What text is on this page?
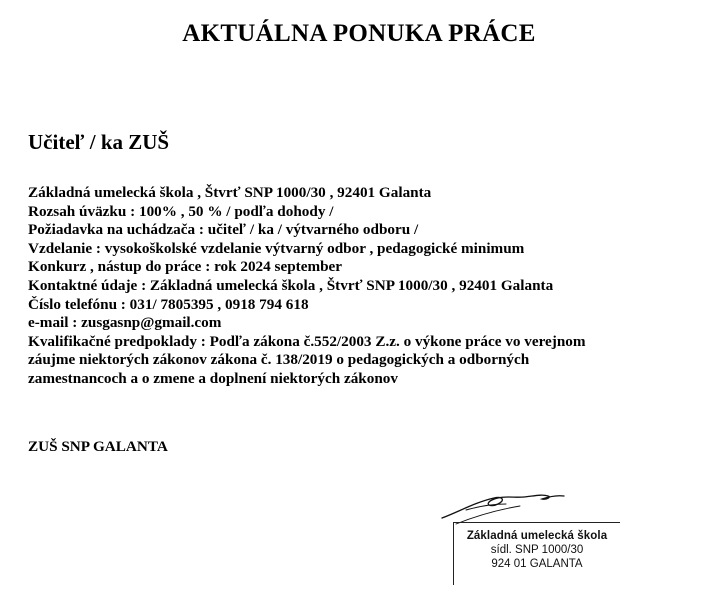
AKTUÁLNA PONUKA PRÁCE
Učiteľ / ka ZUŠ
Základná umelecká škola , Štvrť SNP 1000/30 , 92401 Galanta
Rozsah úväzku : 100% , 50 % / podľa dohody /
Požiadavka na uchádzača : učiteľ / ka / výtvarného odboru /
Vzdelanie : vysokoškolské vzdelanie výtvarný odbor , pedagogické minimum
Konkurz , nástup do práce : rok 2024 september
Kontaktné údaje : Základná umelecká škola , Štvrť SNP 1000/30 , 92401 Galanta
Číslo telefónu : 031/ 7805395 , 0918 794 618
e-mail : zusgasnp@gmail.com
Kvalifikačné predpoklady : Podľa zákona č.552/2003 Z.z. o výkone práce vo verejnom
záujme niektorých zákonov zákona č. 138/2019 o pedagogických a odborných
zamestnancoch a o zmene a doplnení niektorých zákonov
ZUŠ SNP GALANTA
Základná umelecká škola
sídl. SNP 1000/30
924 01 GALANTA
